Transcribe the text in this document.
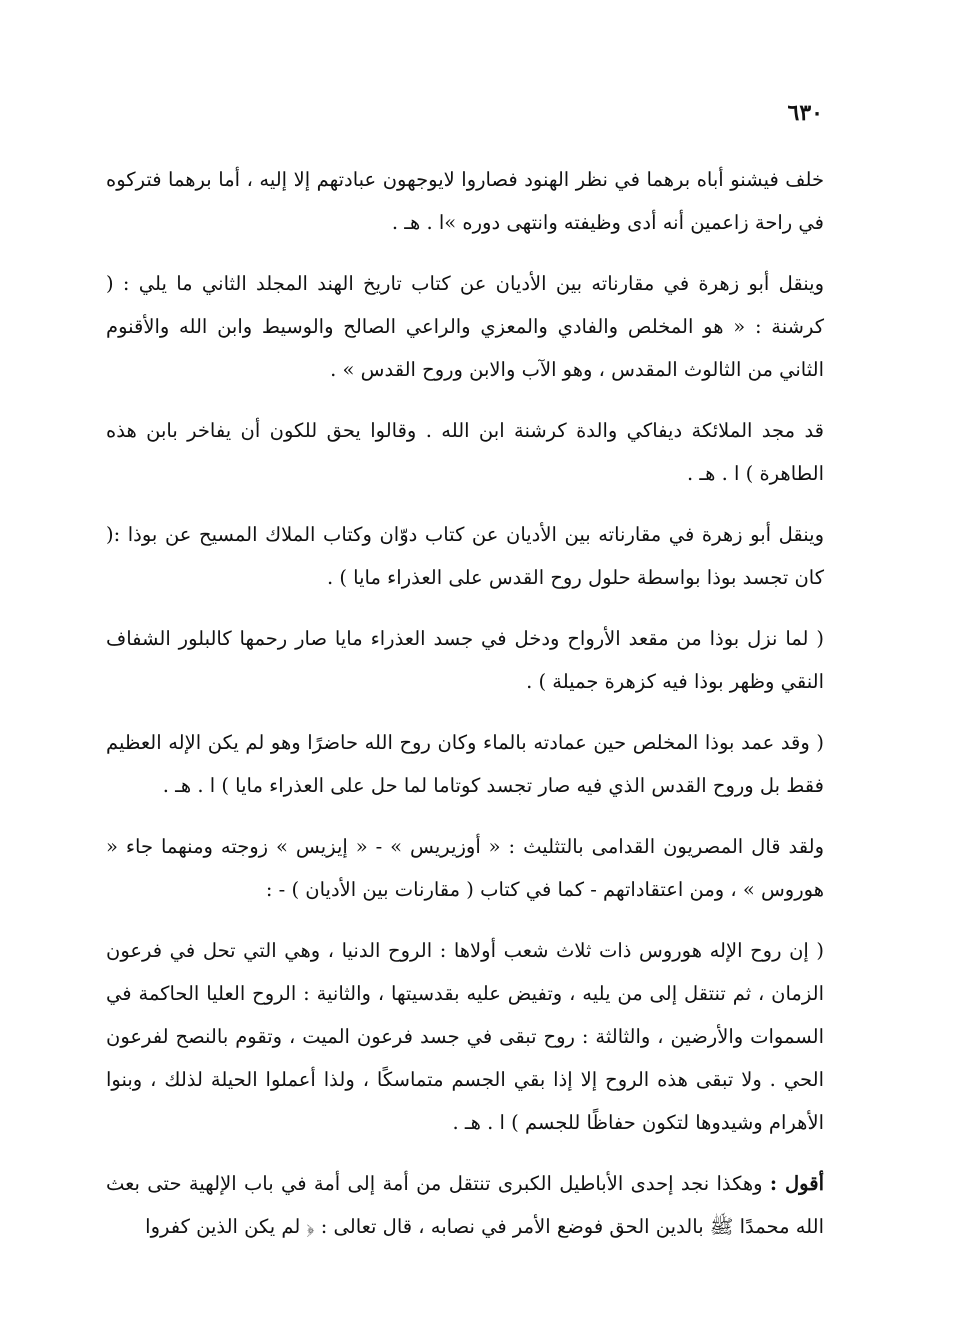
٦٣٠

خلف فيشنو أباه برهما في نظر الهنود فصاروا لايوجهون عبادتهم إلا إليه ، أما برهما فتركوه في راحة زاعمين أنه أدى وظيفته وانتهى دوره »ا . هـ .

وينقل أبو زهرة في مقارناته بين الأديان عن كتاب تاريخ الهند المجلد الثاني ما يلي : ( كرشنة : « هو المخلص والفادي والمعزي والراعي الصالح والوسيط وابن الله والأقنوم الثاني من الثالوث المقدس ، وهو الآب والابن وروح القدس » .

قد مجد الملائكة ديفاكي والدة كرشنة ابن الله . وقالوا يحق للكون أن يفاخر بابن هذه الطاهرة ) ا . هـ .

وينقل أبو زهرة في مقارناته بين الأديان عن كتاب دوّان وكتاب الملاك المسيح عن بوذا :( كان تجسد بوذا بواسطة حلول روح القدس على العذراء مايا ) .

( لما نزل بوذا من مقعد الأرواح ودخل في جسد العذراء مايا صار رحمها كالبلور الشفاف النقي وظهر بوذا فيه كزهرة جميلة ) .

( وقد عمد بوذا المخلص حين عمادته بالماء وكان روح الله حاضرًا وهو لم يكن الإله العظيم فقط بل وروح القدس الذي فيه صار تجسد كوتاما لما حل على العذراء مايا ) ا . هـ .

ولقد قال المصريون القدامى بالتثليث : « أوزيريس » - « إيزيس » زوجته ومنهما جاء « هوروس » ، ومن اعتقاداتهم - كما في كتاب ( مقارنات بين الأديان ) - :

( إن روح الإله هوروس ذات ثلاث شعب أولاها : الروح الدنيا ، وهي التي تحل في فرعون الزمان ، ثم تنتقل إلى من يليه ، وتفيض عليه بقدسيتها ، والثانية : الروح العليا الحاكمة في السموات والأرضين ، والثالثة : روح تبقى في جسد فرعون الميت ، وتقوم بالنصح لفرعون الحي . ولا تبقى هذه الروح إلا إذا بقي الجسم متماسكًا ، ولذا أعملوا الحيلة لذلك ، وبنوا الأهرام وشيدوها لتكون حفاظًا للجسم ) ا . هـ .

أقول : وهكذا نجد إحدى الأباطيل الكبرى تنتقل من أمة إلى أمة في باب الإلهية حتى بعث الله محمدًا ﷺ بالدين الحق فوضع الأمر في نصابه ، قال تعالى : ﴿ لم يكن الذين كفروا
